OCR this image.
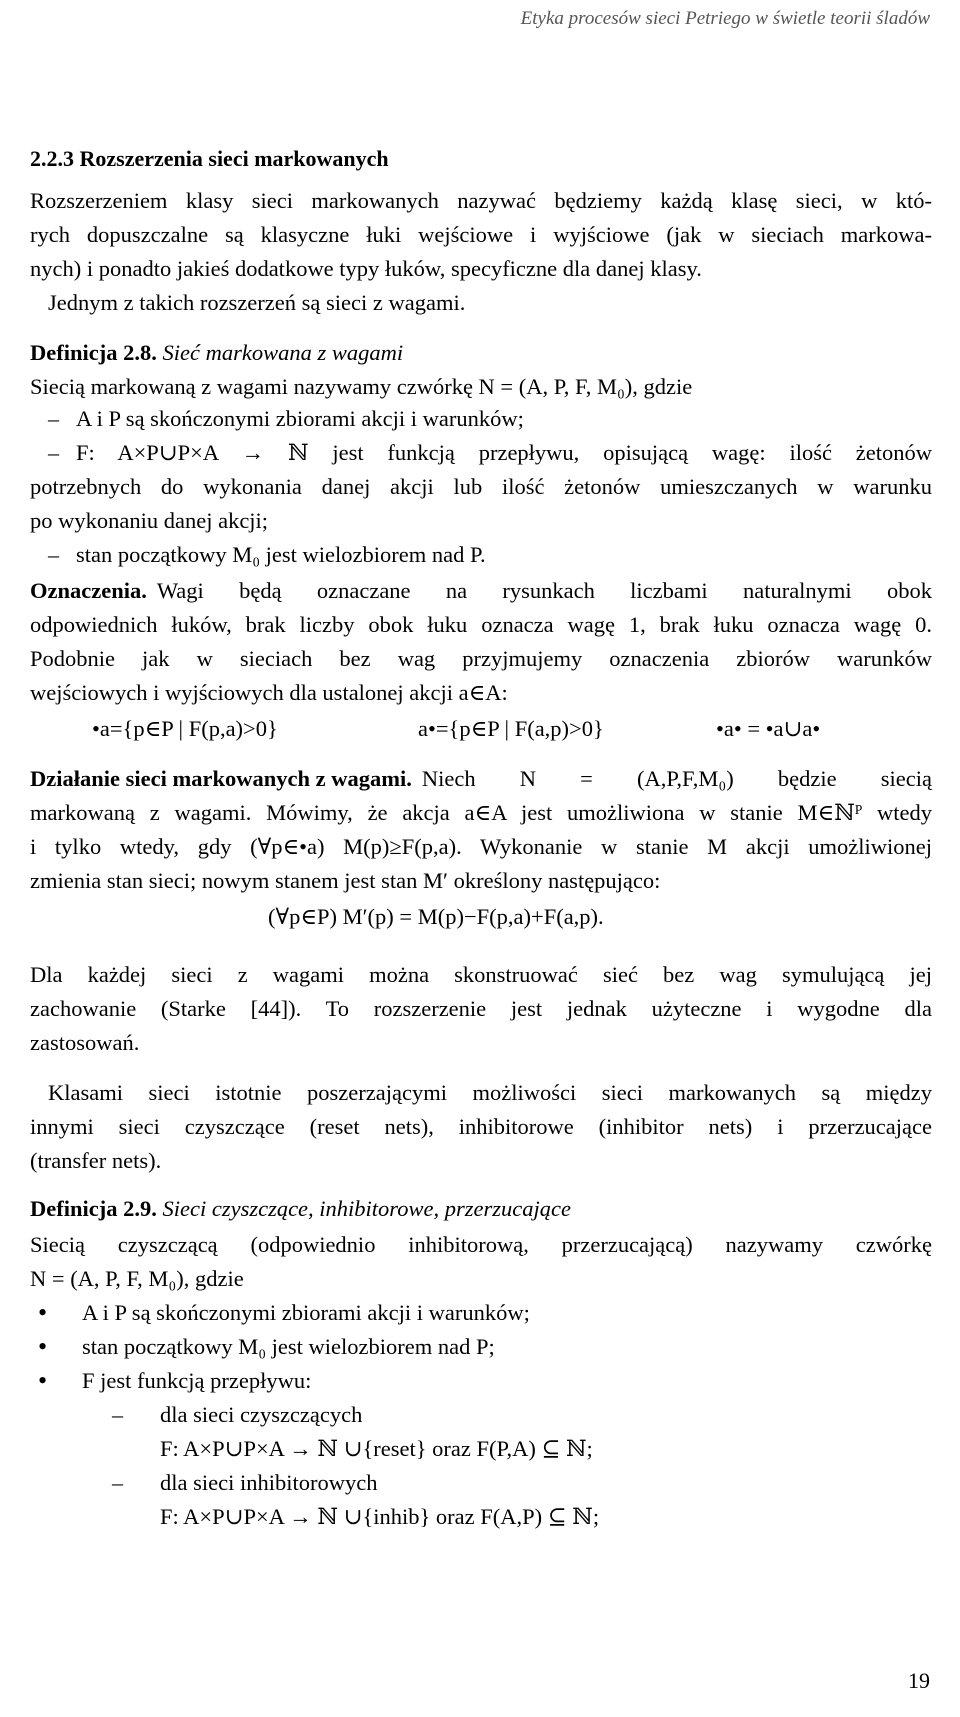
Etyka procesów sieci Petriego w świetle teorii śladów
2.2.3 Rozszerzenia sieci markowanych
Rozszerzeniem klasy sieci markowanych nazywać będziemy każdą klasę sieci, w któ-
rych dopuszczalne są klasyczne łuki wejściowe i wyjściowe (jak w sieciach markowa-
nych) i ponadto jakieś dodatkowe typy łuków, specyficzne dla danej klasy.
Jednym z takich rozszerzeń są sieci z wagami.
Definicja 2.8. Sieć markowana z wagami
Siecią markowaną z wagami nazywamy czwórkę N = (A, P, F, M₀), gdzie
– A i P są skończonymi zbiorami akcji i warunków;
– F: A×P∪P×A → ℕ jest funkcją przepływu, opisującą wagę: ilość żetonów
potrzebnych do wykonania danej akcji lub ilość żetonów umieszczanych w warunku
po wykonaniu danej akcji;
– stan początkowy M₀ jest wielozbiorem nad P.
Oznaczenia. Wagi będą oznaczane na rysunkach liczbami naturalnymi obok
odpowiednich łuków, brak liczby obok łuku oznacza wagę 1, brak łuku oznacza wagę 0.
Podobnie jak w sieciach bez wag przyjmujemy oznaczenia zbiorów warunków
wejściowych i wyjściowych dla ustalonej akcji a∈A:
•a={p∈P | F(p,a)>0}	a•={p∈P | F(a,p)>0}	•a• = •a∪a•
Działanie sieci markowanych z wagami. Niech N = (A,P,F,M₀) będzie siecią
markowaną z wagami. Mówimy, że akcja a∈A jest umożliwiona w stanie M∈ℕᴾ wtedy
i tylko wtedy, gdy (∀p∈•a) M(p)≥F(p,a). Wykonanie w stanie M akcji umożliwionej
zmienia stan sieci; nowym stanem jest stan M′ określony następująco:
(∀p∈P) M′(p) = M(p)−F(p,a)+F(a,p).
Dla każdej sieci z wagami można skonstruować sieć bez wag symulującą jej
zachowanie (Starke [44]). To rozszerzenie jest jednak użyteczne i wygodne dla
zastosowań.
Klasami sieci istotnie poszerzającymi możliwości sieci markowanych są między
innymi sieci czyszczące (reset nets), inhibitorowe (inhibitor nets) i przerzucające
(transfer nets).
Definicja 2.9. Sieci czyszczące, inhibitorowe, przerzucające
Siecią czyszczącą (odpowiednio inhibitorową, przerzucającą) nazywamy czwórkę
N = (A, P, F, M₀), gdzie
• A i P są skończonymi zbiorami akcji i warunków;
• stan początkowy M₀ jest wielozbiorem nad P;
• F jest funkcją przepływu:
– dla sieci czyszczących
F: A×P∪P×A → ℕ ∪{reset} oraz F(P,A) ⊆ ℕ;
– dla sieci inhibitorowych
F: A×P∪P×A → ℕ ∪{inhib} oraz F(A,P) ⊆ ℕ;
19
